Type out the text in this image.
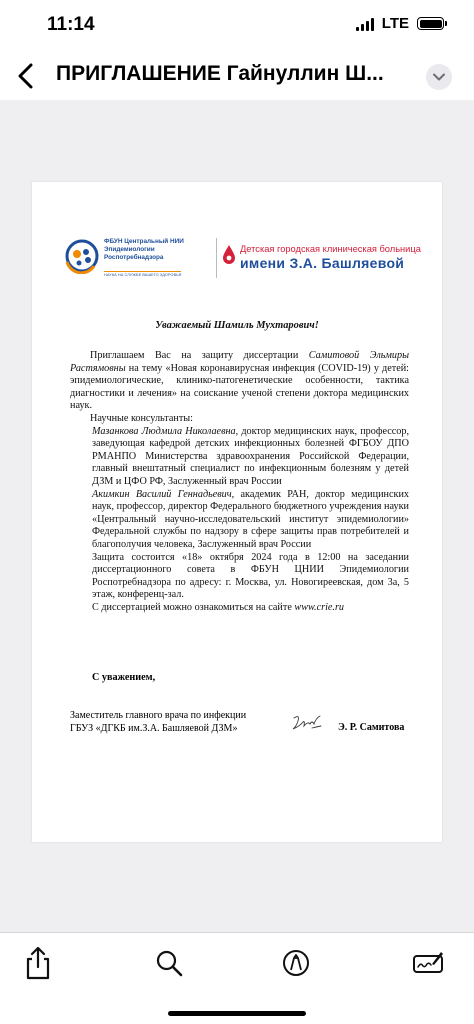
11:14	LTE
ПРИГЛАШЕНИЕ Гайнуллин Ш...
ФБУН Центральный НИИ Эпидемиологии Роспотребнадзора
НАУКА НА СЛУЖБЕ ВАШЕГО ЗДОРОВЬЯ
Детская городская клиническая больница
имени З.А. Башляевой
Уважаемый Шамиль Мухтарович!

Приглашаем Вас на защиту диссертации Самитовой Эльмиры Растямовны на тему «Новая коронавирусная инфекция (COVID-19) у детей: эпидемиологические, клинико-патогенетические особенности, тактика диагностики и лечения» на соискание ученой степени доктора медицинских наук.

Научные консультанты:

Мазанкова Людмила Николаевна, доктор медицинских наук, профессор, заведующая кафедрой детских инфекционных болезней ФГБОУ ДПО РМАНПО Министерства здравоохранения Российской Федерации, главный внештатный специалист по инфекционным болезням у детей ДЗМ и ЦФО РФ, Заслуженный врач России

Акимкин Василий Геннадьевич, академик РАН, доктор медицинских наук, профессор, директор Федерального бюджетного учреждения науки «Центральный научно-исследовательский институт эпидемиологии» Федеральной службы по надзору в сфере защиты прав потребителей и благополучия человека, Заслуженный врач России

Защита состоится «18» октября 2024 года в 12:00 на заседании диссертационного совета в ФБУН ЦНИИ Эпидемиологии Роспотребнадзора по адресу: г. Москва, ул. Новогиреевская, дом 3а, 5 этаж, конференц-зал.

С диссертацией можно ознакомиться на сайте www.crie.ru

С уважением,
Заместитель главного врача по инфекции
ГБУЗ «ДГКБ им.З.А. Башляевой ДЗМ»	Э. Р. Самитова
